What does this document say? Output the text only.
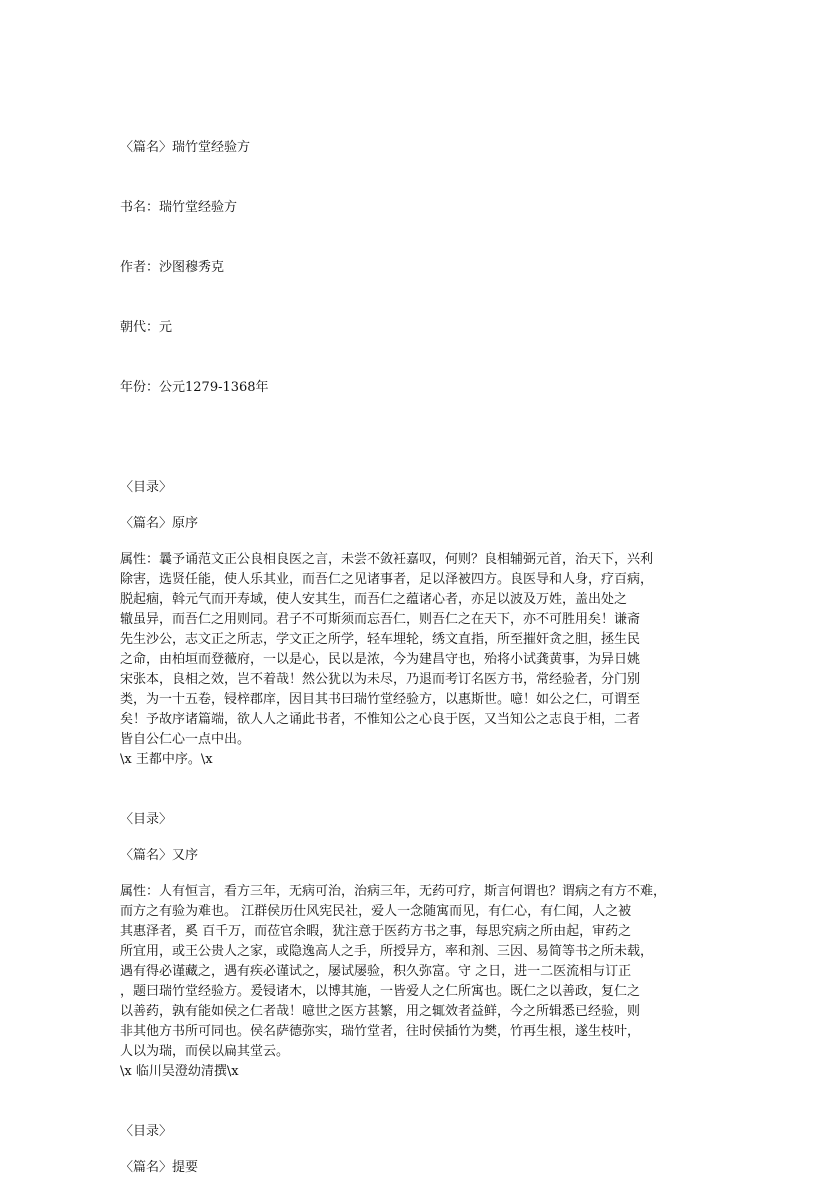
〈篇名〉瑞竹堂经验方

书名：瑞竹堂经验方

作者：沙图穆秀克

朝代：元

年份：公元1279-1368年

〈目录〉
〈篇名〉原序
属性：曩予诵范文正公良相良医之言，未尝不敛衽嘉叹，何则？良相辅弼元首，治天下，兴利
除害，选贤任能，使人乐其业，而吾仁之见诸事者，足以泽被四方。良医导和人身，疗百病，
脱起痼，斡元气而开寿域，使人安其生，而吾仁之蕴诸心者，亦足以波及万姓，盖出处之
辙虽异，而吾仁之用则同。君子不可斯须而忘吾仁，则吾仁之在天下，亦不可胜用矣！谦斋
先生沙公，志文正之所志，学文正之所学，轻车埋轮，绣文直指，所至摧奸贪之胆，拯生民
之命，由柏垣而登薇府，一以是心，民以是浓，今为建昌守也，殆将小试龚黄事，为异日姚
宋张本，良相之效，岂不着哉！然公犹以为未尽，乃退而考订名医方书，常经验者，分门别
类，为一十五卷，锓梓郡庠，因目其书曰瑞竹堂经验方，以惠斯世。噫！如公之仁，可谓至
矣！予故序诸篇端，欲人人之诵此书者，不惟知公之心良于医，又当知公之志良于相，二者
皆自公仁心一点中出。
\x 王都中序。\x
〈目录〉
〈篇名〉又序
属性：人有恒言，看方三年，无病可治，治病三年，无药可疗，斯言何谓也？谓病之有方不难，
而方之有验为难也。 江群侯历仕风宪民社，爱人一念随寓而见，有仁心，有仁闻，人之被
其惠泽者，奚 百千万，而莅官余暇，犹注意于医药方书之事，每思究病之所由起，审药之
所宜用，或王公贵人之家，或隐逸高人之手，所授异方，率和剂、三因、易简等书之所未载，
遇有得必谨藏之，遇有疾必谨试之，屡试屡验，积久弥富。守 之日，进一二医流相与订正
，题曰瑞竹堂经验方。爰锓诸木，以博其施，一皆爱人之仁所寓也。既仁之以善政，复仁之
以善药，孰有能如侯之仁者哉！噫世之医方甚繁，用之辄效者益鲜，今之所辑悉已经验，则
非其他方书所可同也。侯名萨德弥实，瑞竹堂者，往时侯插竹为樊，竹再生根，遂生枝叶，
人以为瑞，而侯以扁其堂云。
\x 临川吴澄幼清撰\x
〈目录〉
〈篇名〉提要
